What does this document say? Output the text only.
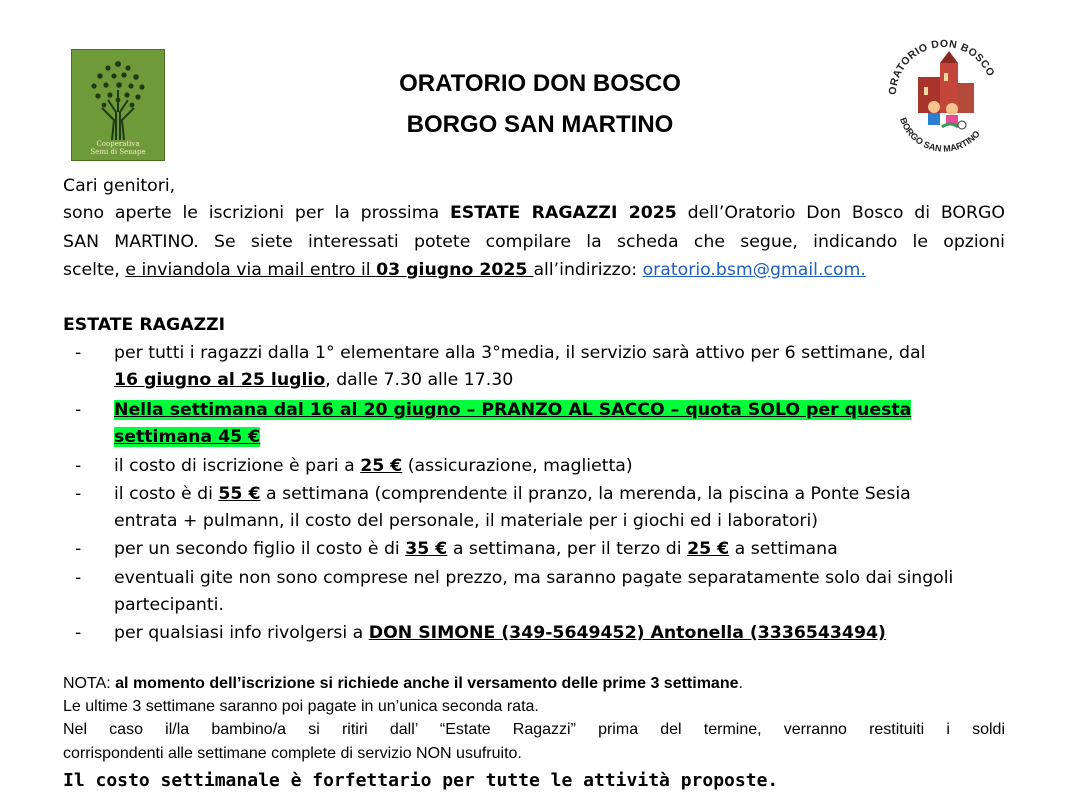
Cooperativa
Semi di Senape
ORATORIO DON BOSCO
BORGO SAN MARTINO
ORATORIO DON BOSCO
BORGO SAN MARTINO
Cari genitori,
sono aperte le iscrizioni per la prossima ESTATE RAGAZZI 2025 dell’Oratorio Don Bosco di BORGO
SAN MARTINO. Se siete interessati potete compilare la scheda che segue, indicando le opzioni
scelte, e inviandola via mail entro il 03 giugno 2025 all’indirizzo: oratorio.bsm@gmail.com.
ESTATE RAGAZZI
- per tutti i ragazzi dalla 1° elementare alla 3°media, il servizio sarà attivo per 6 settimane, dal
16 giugno al 25 luglio, dalle 7.30 alle 17.30
- Nella settimana dal 16 al 20 giugno – PRANZO AL SACCO – quota SOLO per questa
settimana 45 €
- il costo di iscrizione è pari a 25 € (assicurazione, maglietta)
- il costo è di 55 € a settimana (comprendente il pranzo, la merenda, la piscina a Ponte Sesia
entrata + pulmann, il costo del personale, il materiale per i giochi ed i laboratori)
- per un secondo figlio il costo è di 35 € a settimana, per il terzo di 25 € a settimana
- eventuali gite non sono comprese nel prezzo, ma saranno pagate separatamente solo dai singoli
partecipanti.
- per qualsiasi info rivolgersi a DON SIMONE (349-5649452) Antonella (3336543494)
NOTA: al momento dell’iscrizione si richiede anche il versamento delle prime 3 settimane.
Le ultime 3 settimane saranno poi pagate in un’unica seconda rata.
Nel caso il/la bambino/a si ritiri dall’ “Estate Ragazzi” prima del termine, verranno restituiti i soldi
corrispondenti alle settimane complete di servizio NON usufruito.
Il costo settimanale è forfettario per tutte le attività proposte.
